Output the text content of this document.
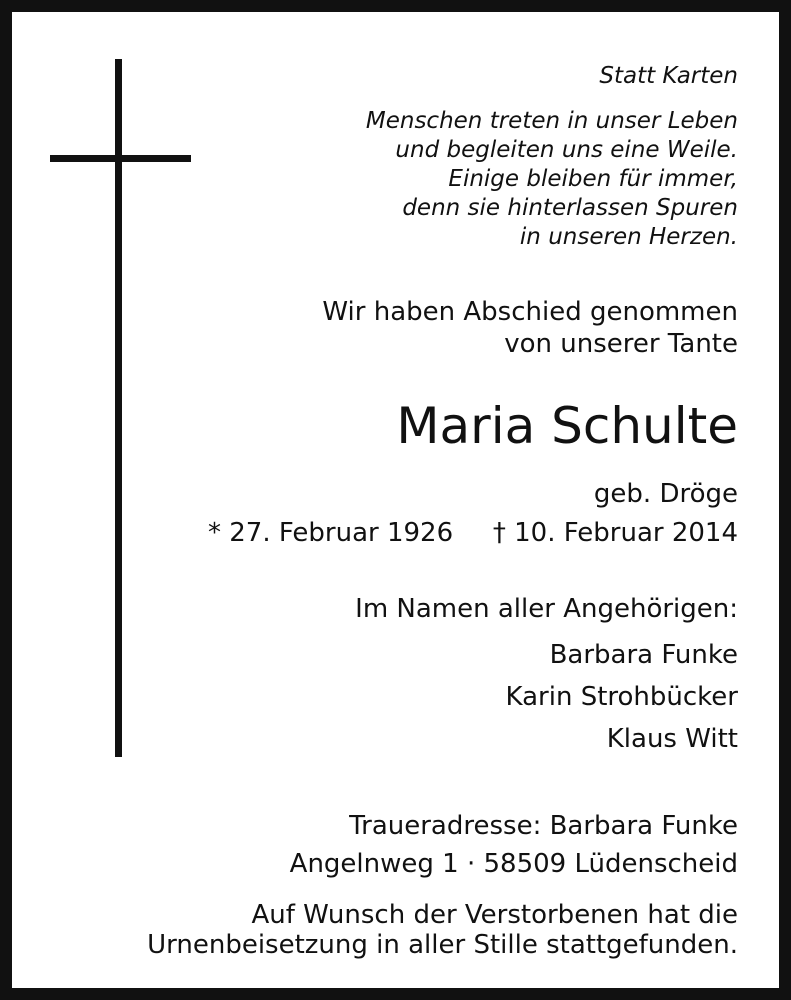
Statt Karten
Menschen treten in unser Leben
und begleiten uns eine Weile.
Einige bleiben für immer,
denn sie hinterlassen Spuren
in unseren Herzen.
Wir haben Abschied genommen
von unserer Tante
Maria Schulte
geb. Dröge
* 27. Februar 1926 † 10. Februar 2014
Im Namen aller Angehörigen:
Barbara Funke
Karin Strohbücker
Klaus Witt
Traueradresse: Barbara Funke
Angelnweg 1 · 58509 Lüdenscheid
Auf Wunsch der Verstorbenen hat die
Urnenbeisetzung in aller Stille stattgefunden.
